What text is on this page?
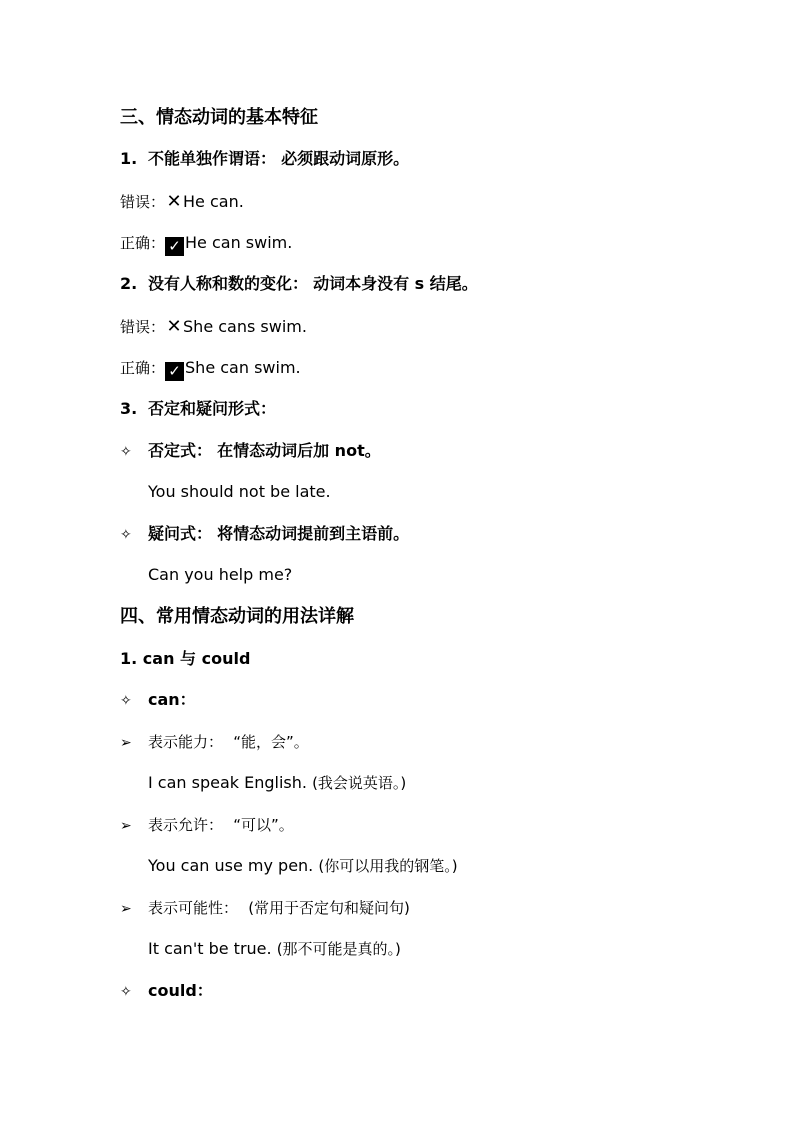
三、情态动词的基本特征
1. 不能单独作谓语： 必须跟动词原形。
错误：✕He can.
正确： ✓ He can swim.
2. 没有人称和数的变化： 动词本身没有 s 结尾。
错误：✕She cans swim.
正确： ✓ She can swim.
3. 否定和疑问形式：
✧ 否定式： 在情态动词后加 not。
You should not be late.
✧ 疑问式： 将情态动词提前到主语前。
Can you help me?
四、常用情态动词的用法详解
1. can 与 could
✧ can：
➢ 表示能力： “能，会”。
I can speak English. (我会说英语。)
➢ 表示允许： “可以”。
You can use my pen. (你可以用我的钢笔。)
➢ 表示可能性： (常用于否定句和疑问句)
It can't be true. (那不可能是真的。)
✧ could：
